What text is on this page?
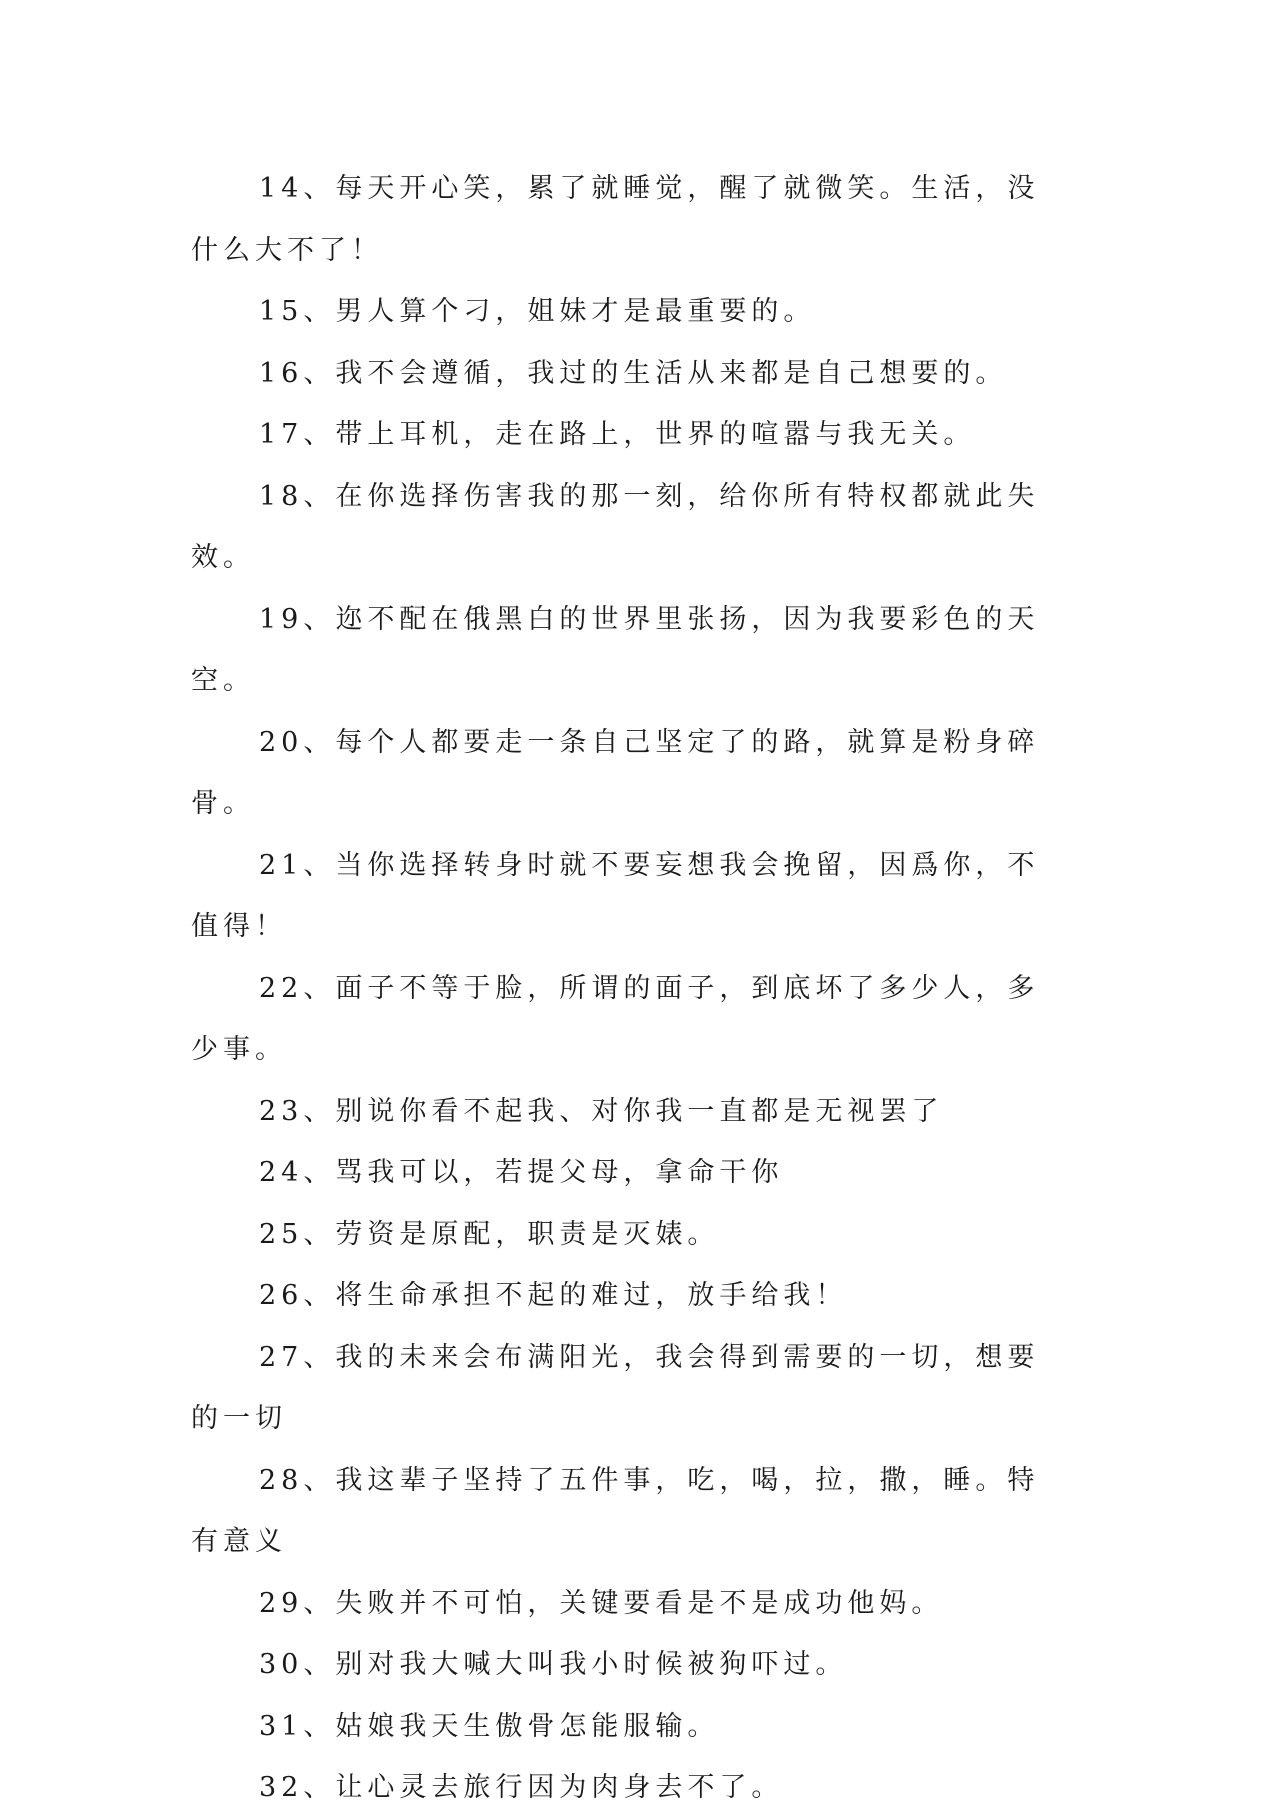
14、每天开心笑，累了就睡觉，醒了就微笑。生活，没什么大不了！

15、男人算个刁，姐妹才是最重要的。

16、我不会遵循，我过的生活从来都是自己想要的。

17、带上耳机，走在路上，世界的喧嚣与我无关。

18、在你选择伤害我的那一刻，给你所有特权都就此失效。

19、迩不配在俄黑白的世界里张扬，因为我要彩色的天空。

20、每个人都要走一条自己坚定了的路，就算是粉身碎骨。

21、当你选择转身时就不要妄想我会挽留，因爲你，不值得！

22、面子不等于脸，所谓的面子，到底坏了多少人，多少事。

23、别说你看不起我、对你我一直都是无视罢了

24、骂我可以，若提父母，拿命干你

25、劳资是原配，职责是灭婊。

26、将生命承担不起的难过，放手给我！

27、我的未来会布满阳光，我会得到需要的一切，想要的一切

28、我这辈子坚持了五件事，吃，喝，拉，撒，睡。特有意义

29、失败并不可怕，关键要看是不是成功他妈。

30、别对我大喊大叫我小时候被狗吓过。

31、姑娘我天生傲骨怎能服输。

32、让心灵去旅行因为肉身去不了。
